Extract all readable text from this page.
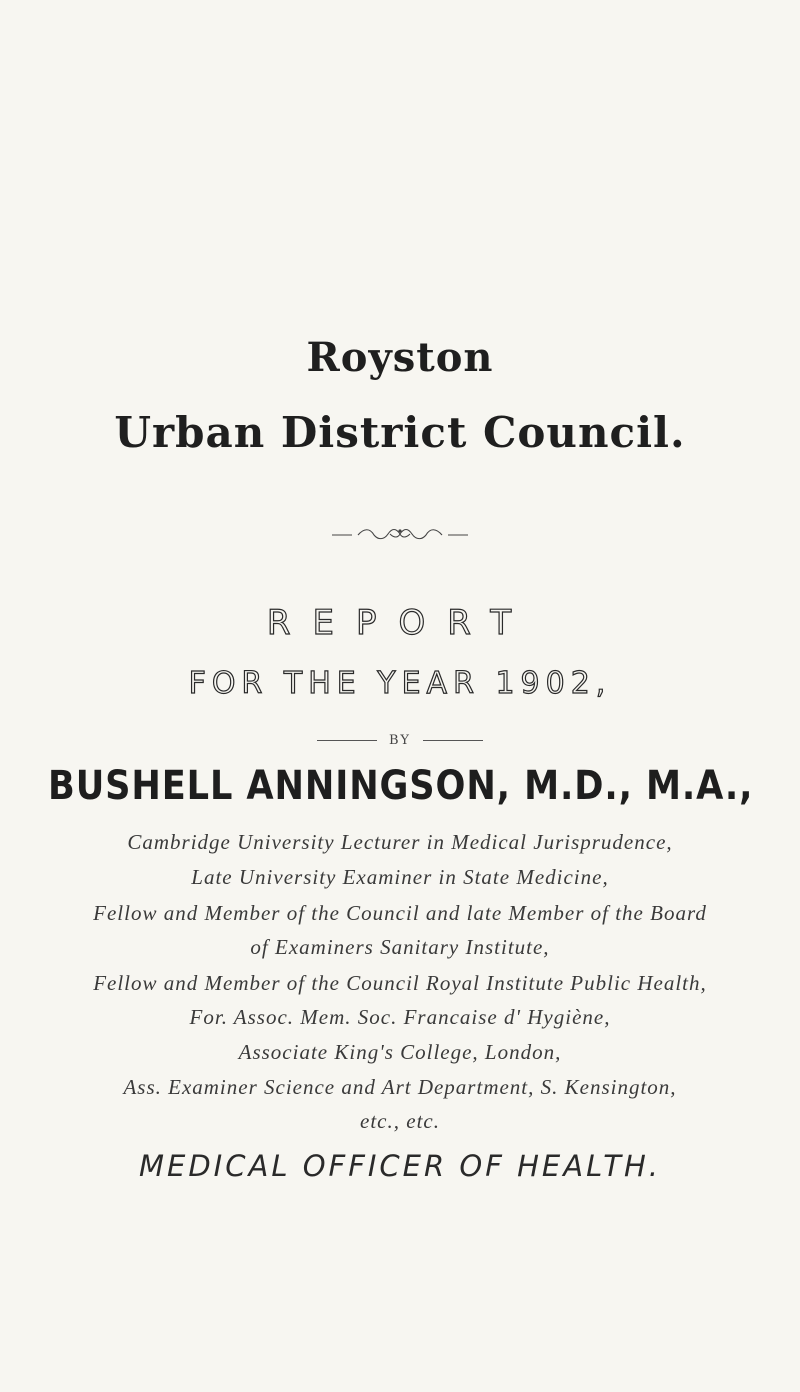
Royston
Urban District Council.
REPORT
FOR THE YEAR 1902,
BY
BUSHELL ANNINGSON, M.D., M.A.,
Cambridge University Lecturer in Medical Jurisprudence,
Late University Examiner in State Medicine,
Fellow and Member of the Council and late Member of the Board
of Examiners Sanitary Institute,
Fellow and Member of the Council Royal Institute Public Health,
For. Assoc. Mem. Soc. Francaise d' Hygiène,
Associate King's College, London,
Ass. Examiner Science and Art Department, S. Kensington,
etc., etc.
MEDICAL OFFICER OF HEALTH.
